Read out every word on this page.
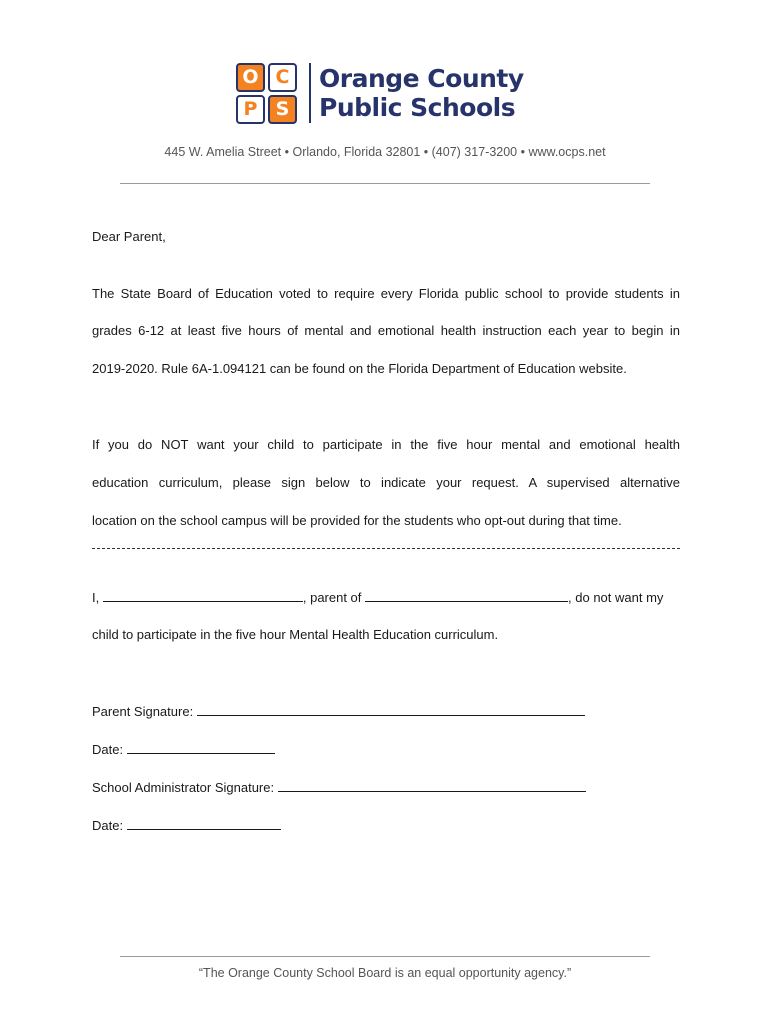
O C
P S
Orange County
Public Schools
445 W. Amelia Street • Orlando, Florida 32801 • (407) 317-3200 • www.ocps.net
Dear Parent,
The State Board of Education voted to require every Florida public school to provide students in
grades 6-12 at least five hours of mental and emotional health instruction each year to begin in
2019-2020. Rule 6A-1.094121 can be found on the Florida Department of Education website.
If you do NOT want your child to participate in the five hour mental and emotional health
education curriculum, please sign below to indicate your request. A supervised alternative
location on the school campus will be provided for the students who opt-out during that time.
I,	, parent of	, do not want my
child to participate in the five hour Mental Health Education curriculum.
Parent Signature:
Date:
School Administrator Signature:
Date:
“The Orange County School Board is an equal opportunity agency.”
